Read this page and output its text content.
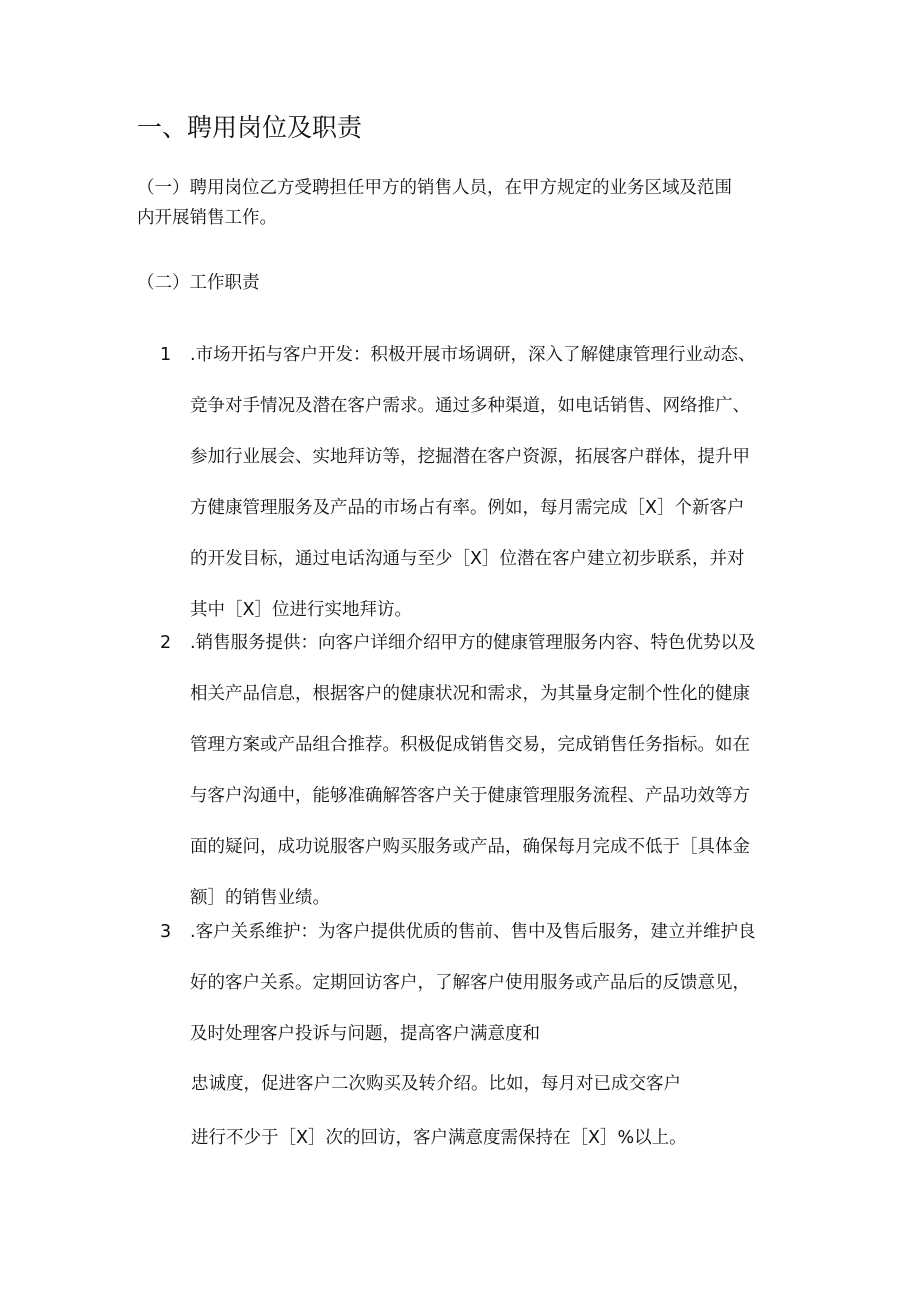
一、聘用岗位及职责
（一）聘用岗位乙方受聘担任甲方的销售人员，在甲方规定的业务区域及范围
内开展销售工作。
（二）工作职责
1	.市场开拓与客户开发：积极开展市场调研，深入了解健康管理行业动态、
竞争对手情况及潜在客户需求。通过多种渠道，如电话销售、网络推广、
参加行业展会、实地拜访等，挖掘潜在客户资源，拓展客户群体，提升甲
方健康管理服务及产品的市场占有率。例如，每月需完成［X］个新客户
的开发目标，通过电话沟通与至少［X］位潜在客户建立初步联系，并对
其中［X］位进行实地拜访。
2	.销售服务提供：向客户详细介绍甲方的健康管理服务内容、特色优势以及
相关产品信息，根据客户的健康状况和需求，为其量身定制个性化的健康
管理方案或产品组合推荐。积极促成销售交易，完成销售任务指标。如在
与客户沟通中，能够准确解答客户关于健康管理服务流程、产品功效等方
面的疑问，成功说服客户购买服务或产品，确保每月完成不低于［具体金
额］的销售业绩。
3	.客户关系维护：为客户提供优质的售前、售中及售后服务，建立并维护良
好的客户关系。定期回访客户，了解客户使用服务或产品后的反馈意见，
及时处理客户投诉与问题，提高客户满意度和
忠诚度，促进客户二次购买及转介绍。比如，每月对已成交客户
进行不少于［X］次的回访，客户满意度需保持在［X］%以上。
